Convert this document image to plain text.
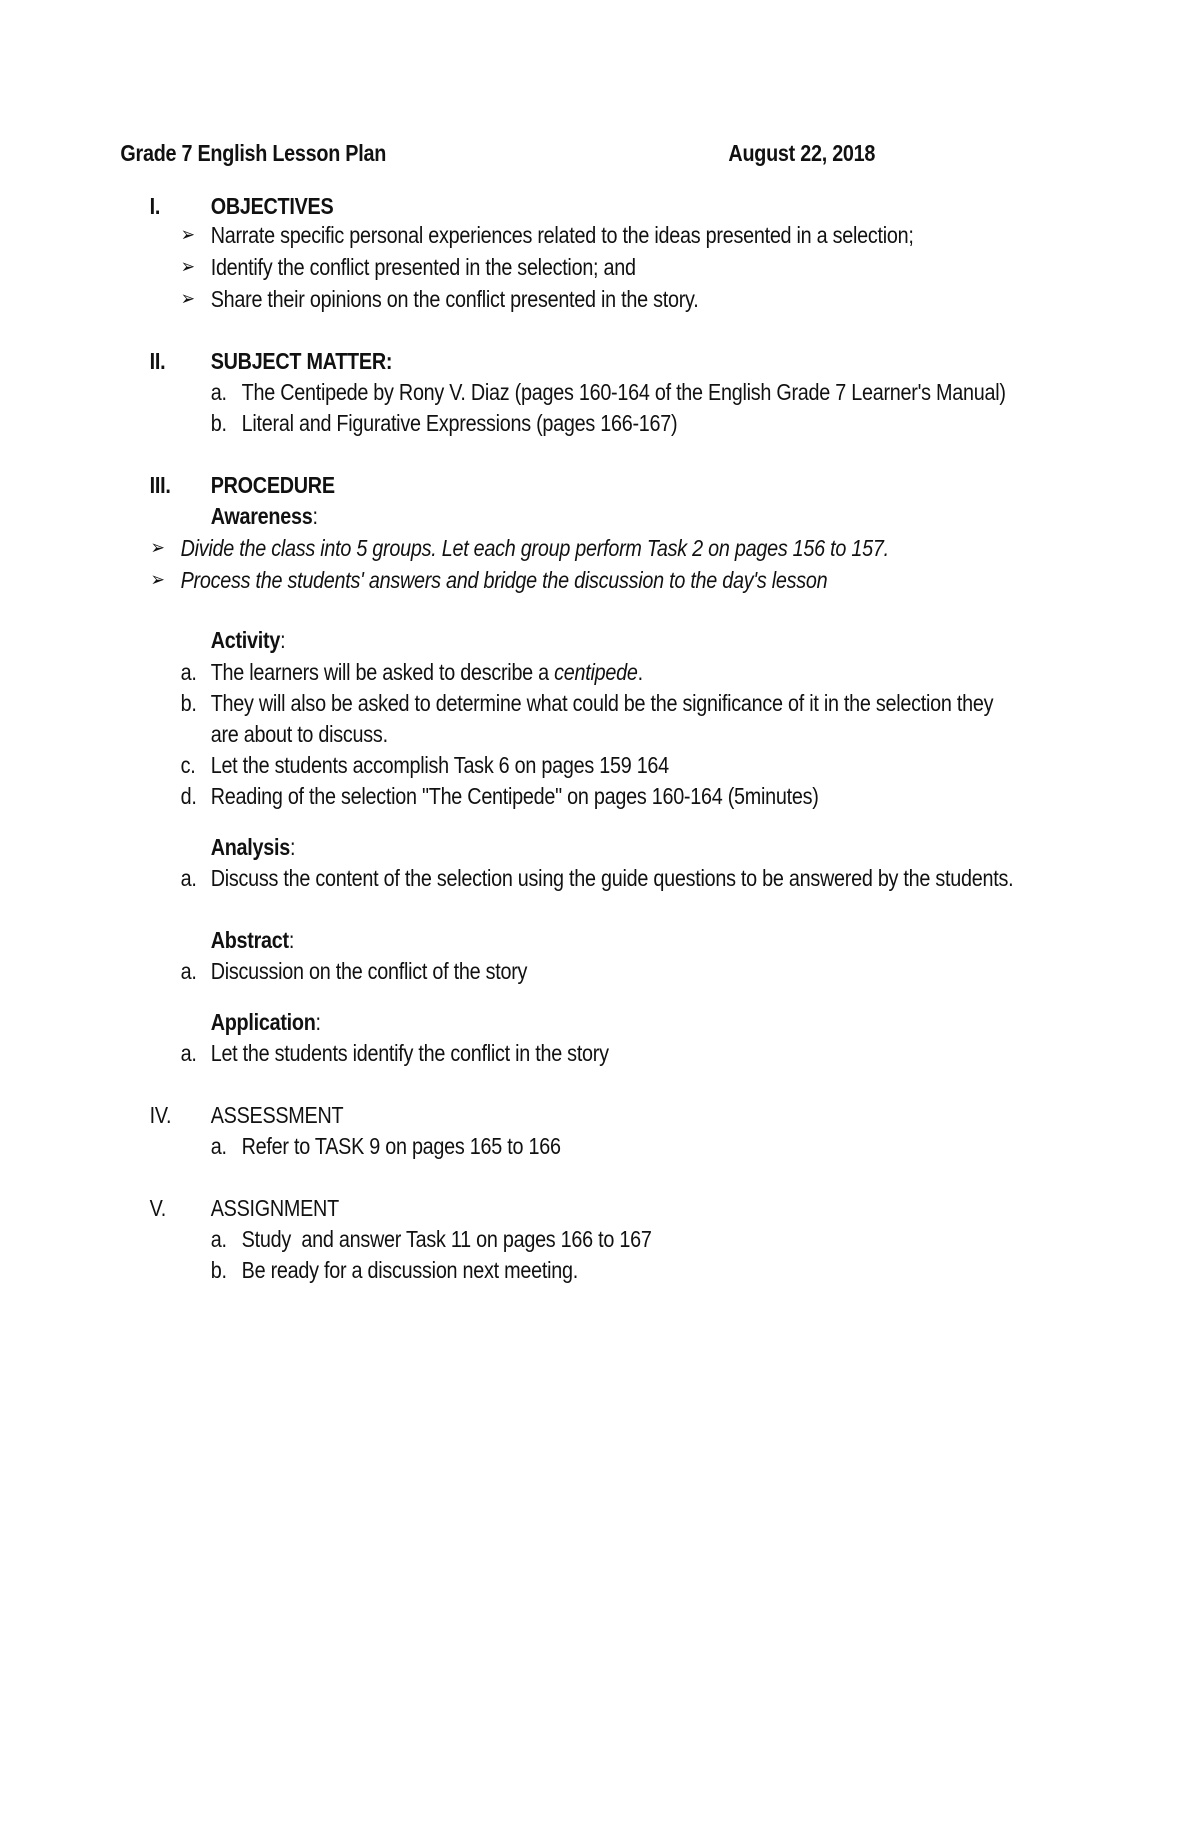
Grade 7 English Lesson Plan	August 22, 2018
I. OBJECTIVES
➢ Narrate specific personal experiences related to the ideas presented in a selection;
➢ Identify the conflict presented in the selection; and
➢ Share their opinions on the conflict presented in the story.
II. SUBJECT MATTER:
a. The Centipede by Rony V. Diaz (pages 160-164 of the English Grade 7 Learner's Manual)
b. Literal and Figurative Expressions (pages 166-167)
III. PROCEDURE
Awareness:
➢ Divide the class into 5 groups. Let each group perform Task 2 on pages 156 to 157.
➢ Process the students' answers and bridge the discussion to the day's lesson
Activity:
a. The learners will be asked to describe a centipede.
b. They will also be asked to determine what could be the significance of it in the selection they
are about to discuss.
c. Let the students accomplish Task 6 on pages 159 164
d. Reading of the selection "The Centipede" on pages 160-164 (5minutes)
Analysis:
a. Discuss the content of the selection using the guide questions to be answered by the students.
Abstract:
a. Discussion on the conflict of the story
Application:
a. Let the students identify the conflict in the story
IV. ASSESSMENT
a. Refer to TASK 9 on pages 165 to 166
V. ASSIGNMENT
a. Study  and answer Task 11 on pages 166 to 167
b. Be ready for a discussion next meeting.
